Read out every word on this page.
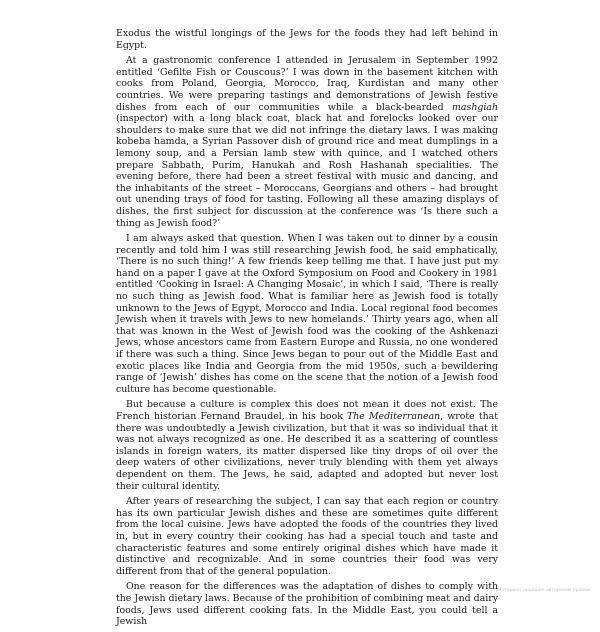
Exodus the wistful longings of the Jews for the foods they had left behind in Egypt.

At a gastronomic conference I attended in Jerusalem in September 1992 entitled ‘Gefilte Fish or Couscous?’ I was down in the basement kitchen with cooks from Poland, Georgia, Morocco, Iraq, Kurdistan and many other countries. We were preparing tastings and demonstrations of Jewish festive dishes from each of our communities while a black-bearded mashgiah (inspector) with a long black coat, black hat and forelocks looked over our shoulders to make sure that we did not infringe the dietary laws. I was making kobeba hamda, a Syrian Passover dish of ground rice and meat dumplings in a lemony soup, and a Persian lamb stew with quince, and I watched others prepare Sabbath, Purim, Hanukah and Rosh Hashanah specialities. The evening before, there had been a street festival with music and dancing, and the inhabitants of the street – Moroccans, Georgians and others – had brought out unending trays of food for tasting. Following all these amazing displays of dishes, the first subject for discussion at the conference was ‘Is there such a thing as Jewish food?’

I am always asked that question. When I was taken out to dinner by a cousin recently and told him I was still researching Jewish food, he said emphatically, ‘There is no such thing!’ A few friends keep telling me that. I have just put my hand on a paper I gave at the Oxford Symposium on Food and Cookery in 1981 entitled ‘Cooking in Israel: A Changing Mosaic’, in which I said, ‘There is really no such thing as Jewish food. What is familiar here as Jewish food is totally unknown to the Jews of Egypt, Morocco and India. Local regional food becomes Jewish when it travels with Jews to new homelands.’ Thirty years ago, when all that was known in the West of Jewish food was the cooking of the Ashkenazi Jews, whose ancestors came from Eastern Europe and Russia, no one wondered if there was such a thing. Since Jews began to pour out of the Middle East and exotic places like India and Georgia from the mid 1950s, such a bewildering range of ‘Jewish’ dishes has come on the scene that the notion of a Jewish food culture has become questionable.

But because a culture is complex this does not mean it does not exist. The French historian Fernand Braudel, in his book The Mediterranean, wrote that there was undoubtedly a Jewish civilization, but that it was so individual that it was not always recognized as one. He described it as a scattering of countless islands in foreign waters, its matter dispersed like tiny drops of oil over the deep waters of other civilizations, never truly blending with them yet always dependent on them. The Jews, he said, adapted and adopted but never lost their cultural identity.

After years of researching the subject, I can say that each region or country has its own particular Jewish dishes and these are sometimes quite different from the local cuisine. Jews have adopted the foods of the countries they lived in, but in every country their cooking has had a special touch and taste and characteristic features and some entirely original dishes which have made it distinctive and recognizable. And in some countries their food was very different from that of the general population.

One reason for the differences was the adaptation of dishes to comply with the Jewish dietary laws. Because of the prohibition of combining meat and dairy foods, Jews used different cooking fats. In the Middle East, you could tell a Jewish

Материал защищен авторским правом
